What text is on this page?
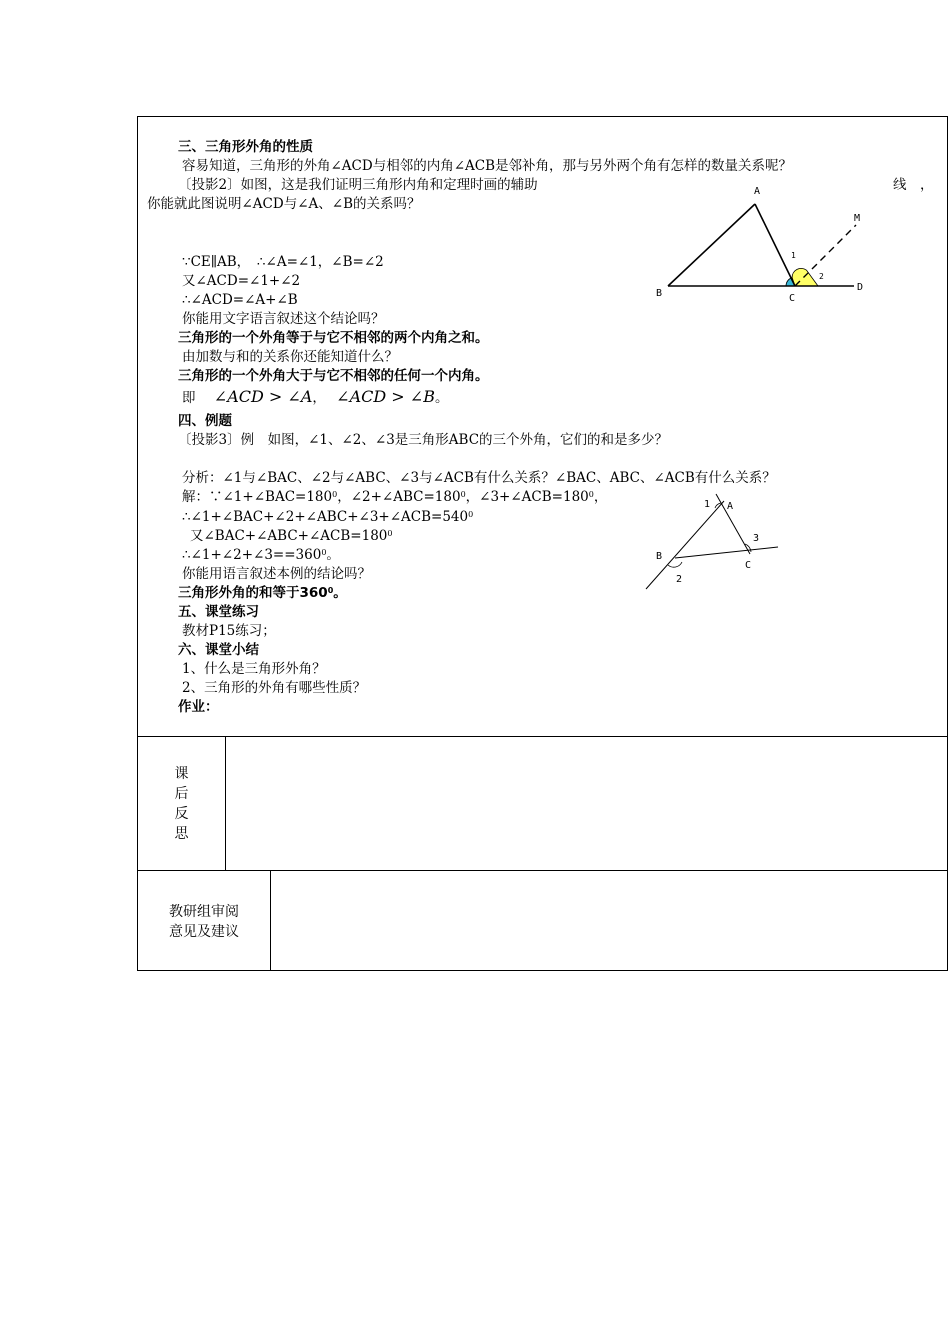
三、三角形外角的性质
容易知道，三角形的外角∠ACD与相邻的内角∠ACB是邻补角，那与另外两个角有怎样的数量关系呢？
〔投影2〕如图，这是我们证明三角形内角和定理时画的辅助	线　，
你能就此图说明∠ACD与∠A、∠B的关系吗？
∵CE∥AB，　∴∠A=∠1，∠B=∠2
又∠ACD=∠1+∠2
∴∠ACD=∠A+∠B
你能用文字语言叙述这个结论吗？
三角形的一个外角等于与它不相邻的两个内角之和。
由加数与和的关系你还能知道什么？
三角形的一个外角大于与它不相邻的任何一个内角。
即 ∠ACD > ∠A， ∠ACD > ∠B。
A
B	C
D
M
1
2
四、例题
〔投影3〕例　如图，∠1、∠2、∠3是三角形ABC的三个外角，它们的和是多少？
分析：∠1与∠BAC、∠2与∠ABC、∠3与∠ACB有什么关系？∠BAC、ABC、∠ACB有什么关系？
解：$\because\angle 1+\angle BAC=180^0$，$\angle 2+\angle ABC=180^0$，$\angle 3+\angle ACB=180^0$，
$\therefore\angle 1+\angle BAC+\angle 2+\angle ABC+\angle 3+\angle ACB=540^0$
又$\angle BAC+\angle ABC+\angle ACB=180^0$
$\therefore\angle 1+\angle 2+\angle 3==360^0$。
你能用语言叙述本例的结论吗？
三角形外角的和等于$360^0$。
A
B
C
1
2
3
五、课堂练习
教材P15练习；
六、课堂小结
1、什么是三角形外角？
2、三角形的外角有哪些性质？
作业：
课
后
反
思
教研组审阅
意见及建议
